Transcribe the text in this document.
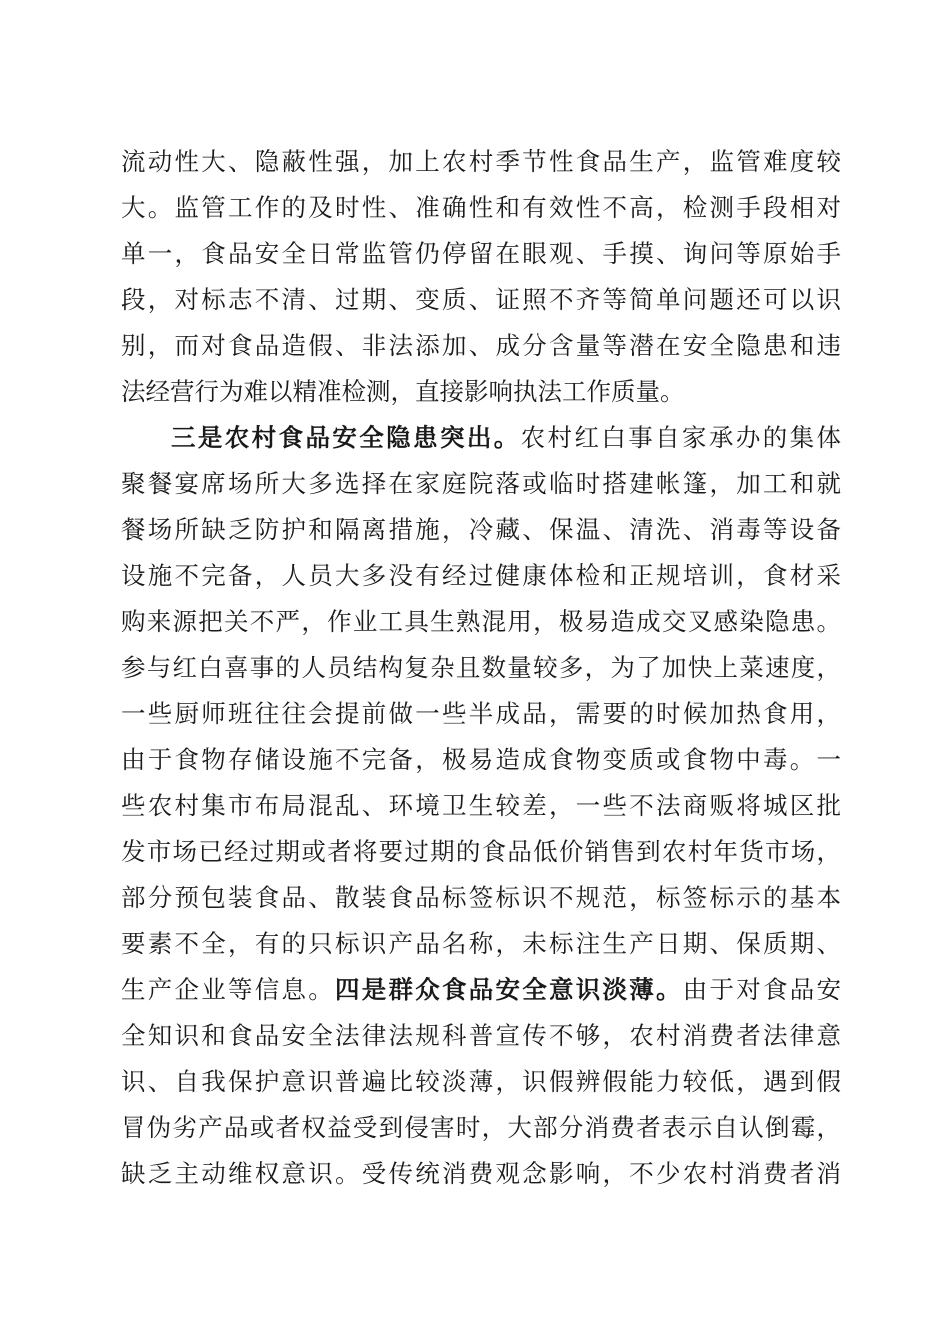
流动性大、隐蔽性强，加上农村季节性食品生产，监管难度较
大。监管工作的及时性、准确性和有效性不高，检测手段相对
单一，食品安全日常监管仍停留在眼观、手摸、询问等原始手
段，对标志不清、过期、变质、证照不齐等简单问题还可以识
别，而对食品造假、非法添加、成分含量等潜在安全隐患和违
法经营行为难以精准检测，直接影响执法工作质量。
三是农村食品安全隐患突出。农村红白事自家承办的集体
聚餐宴席场所大多选择在家庭院落或临时搭建帐篷，加工和就
餐场所缺乏防护和隔离措施，冷藏、保温、清洗、消毒等设备
设施不完备，人员大多没有经过健康体检和正规培训，食材采
购来源把关不严，作业工具生熟混用，极易造成交叉感染隐患。
参与红白喜事的人员结构复杂且数量较多，为了加快上菜速度，
一些厨师班往往会提前做一些半成品，需要的时候加热食用，
由于食物存储设施不完备，极易造成食物变质或食物中毒。一
些农村集市布局混乱、环境卫生较差，一些不法商贩将城区批
发市场已经过期或者将要过期的食品低价销售到农村年货市场，
部分预包装食品、散装食品标签标识不规范，标签标示的基本
要素不全，有的只标识产品名称，未标注生产日期、保质期、
生产企业等信息。四是群众食品安全意识淡薄。由于对食品安
全知识和食品安全法律法规科普宣传不够，农村消费者法律意
识、自我保护意识普遍比较淡薄，识假辨假能力较低，遇到假
冒伪劣产品或者权益受到侵害时，大部分消费者表示自认倒霉，
缺乏主动维权意识。受传统消费观念影响，不少农村消费者消
